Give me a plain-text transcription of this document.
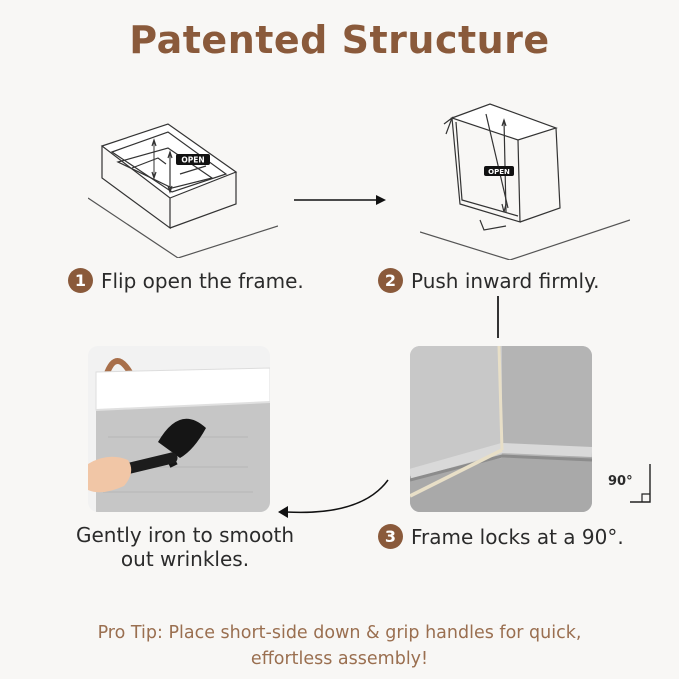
Patented Structure
OPEN
OPEN
1 Flip open the frame.	2 Push inward firmly.
90°
Gently iron to smooth
out wrinkles.
3 Frame locks at a 90°.
Pro Tip: Place short-side down & grip handles for quick,
effortless assembly!
